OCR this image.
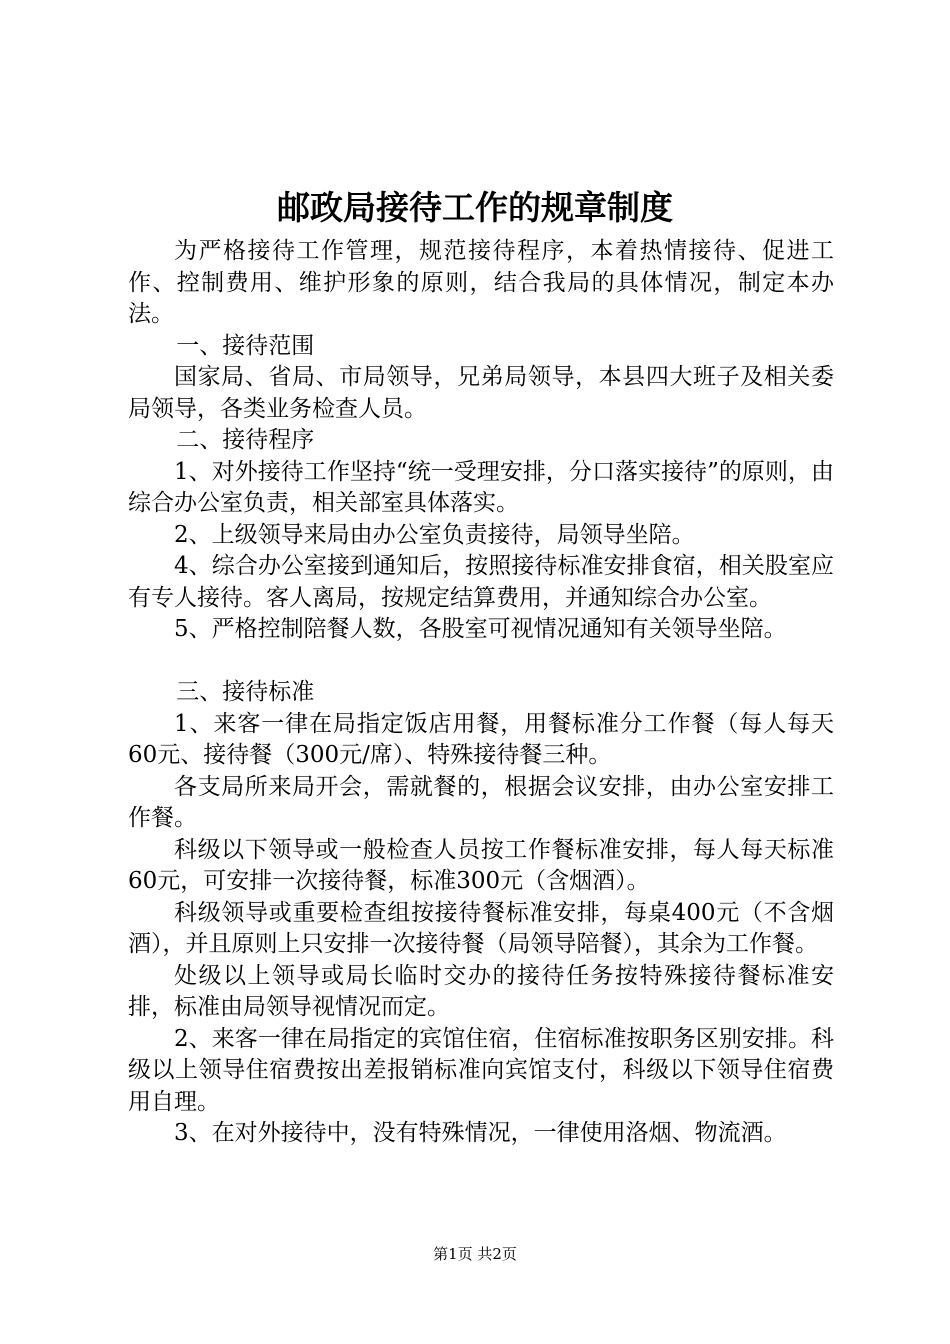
邮政局接待工作的规章制度

为严格接待工作管理，规范接待程序，本着热情接待、促进工作、控制费用、维护形象的原则，结合我局的具体情况，制定本办法。

一、接待范围

国家局、省局、市局领导，兄弟局领导，本县四大班子及相关委局领导，各类业务检查人员。

二、接待程序

1、对外接待工作坚持“统一受理安排，分口落实接待”的原则，由综合办公室负责，相关部室具体落实。

2、上级领导来局由办公室负责接待，局领导坐陪。

4、综合办公室接到通知后，按照接待标准安排食宿，相关股室应有专人接待。客人离局，按规定结算费用，并通知综合办公室。

5、严格控制陪餐人数，各股室可视情况通知有关领导坐陪。

三、接待标准

1、来客一律在局指定饭店用餐，用餐标准分工作餐（每人每天60元、接待餐（300元/席）、特殊接待餐三种。

各支局所来局开会，需就餐的，根据会议安排，由办公室安排工作餐。

科级以下领导或一般检查人员按工作餐标准安排，每人每天标准60元，可安排一次接待餐，标准300元（含烟酒）。

科级领导或重要检查组按接待餐标准安排，每桌400元（不含烟酒），并且原则上只安排一次接待餐（局领导陪餐），其余为工作餐。

处级以上领导或局长临时交办的接待任务按特殊接待餐标准安排，标准由局领导视情况而定。

2、来客一律在局指定的宾馆住宿，住宿标准按职务区别安排。科级以上领导住宿费按出差报销标准向宾馆支付，科级以下领导住宿费用自理。

3、在对外接待中，没有特殊情况，一律使用洛烟、物流酒。

第1页 共2页
